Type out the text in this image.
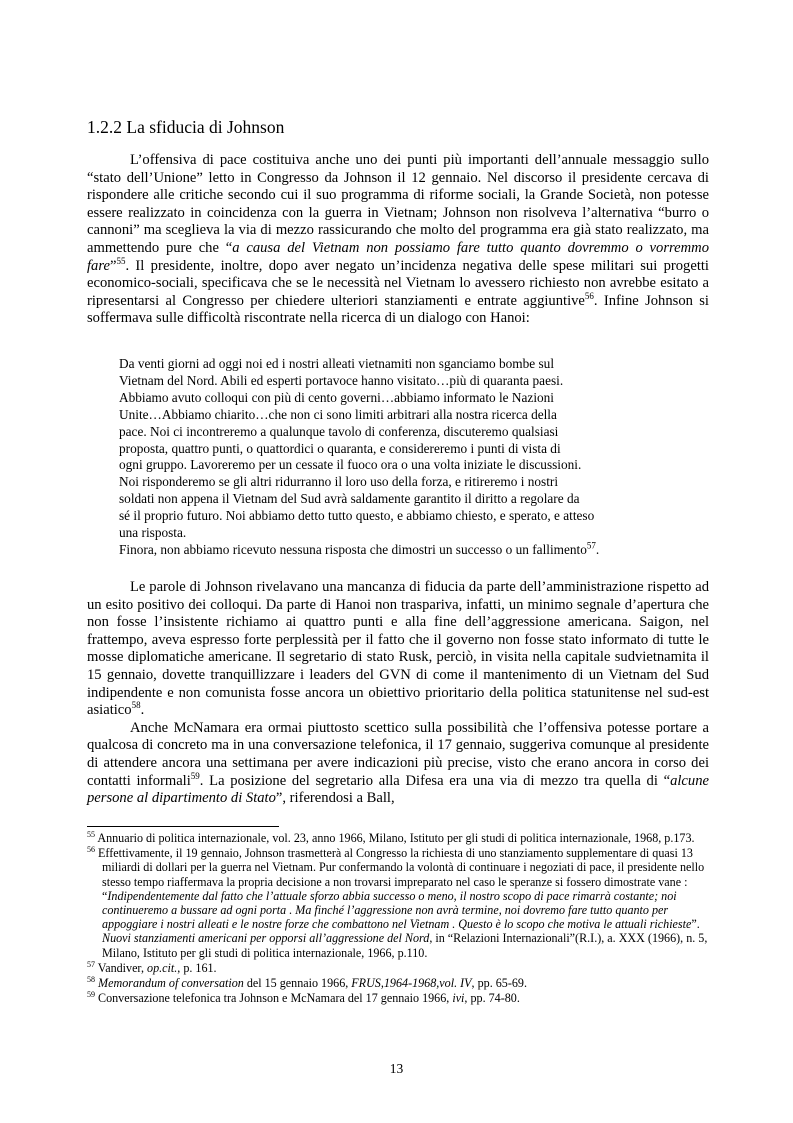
1.2.2 La sfiducia di Johnson

L’offensiva di pace costituiva anche uno dei punti più importanti dell’annuale messaggio sullo “stato dell’Unione” letto in Congresso da Johnson il 12 gennaio. Nel discorso il presidente cercava di rispondere alle critiche secondo cui il suo programma di riforme sociali, la Grande Società, non potesse essere realizzato in coincidenza con la guerra in Vietnam; Johnson non risolveva l’alternativa “burro o cannoni” ma sceglieva la via di mezzo rassicurando che molto del programma era già stato realizzato, ma ammettendo pure che “a causa del Vietnam non possiamo fare tutto quanto dovremmo o vorremmo fare”$^{55}$. Il presidente, inoltre, dopo aver negato un’incidenza negativa delle spese militari sui progetti economico-sociali, specificava che se le necessità nel Vietnam lo avessero richiesto non avrebbe esitato a ripresentarsi al Congresso per chiedere ulteriori stanziamenti e entrate aggiuntive$^{56}$. Infine Johnson si soffermava sulle difficoltà riscontrate nella ricerca di un dialogo con Hanoi:

Da venti giorni ad oggi noi ed i nostri alleati vietnamiti non sganciamo bombe sul
Vietnam del Nord. Abili ed esperti portavoce hanno visitato…più di quaranta paesi.
Abbiamo avuto colloqui con più di cento governi…abbiamo informato le Nazioni
Unite…Abbiamo chiarito…che non ci sono limiti arbitrari alla nostra ricerca della
pace. Noi ci incontreremo a qualunque tavolo di conferenza, discuteremo qualsiasi
proposta, quattro punti, o quattordici o quaranta, e considereremo i punti di vista di
ogni gruppo. Lavoreremo per un cessate il fuoco ora o una volta iniziate le discussioni.
Noi risponderemo se gli altri ridurranno il loro uso della forza, e ritireremo i nostri
soldati non appena il Vietnam del Sud avrà saldamente garantito il diritto a regolare da
sé il proprio futuro. Noi abbiamo detto tutto questo, e abbiamo chiesto, e sperato, e atteso
una risposta.
Finora, non abbiamo ricevuto nessuna risposta che dimostri un successo o un fallimento$^{57}$.

Le parole di Johnson rivelavano una mancanza di fiducia da parte dell’amministrazione rispetto ad un esito positivo dei colloqui. Da parte di Hanoi non traspariva, infatti, un minimo segnale d’apertura che non fosse l’insistente richiamo ai quattro punti e alla fine dell’aggressione americana. Saigon, nel frattempo, aveva espresso forte perplessità per il fatto che il governo non fosse stato informato di tutte le mosse diplomatiche americane. Il segretario di stato Rusk, perciò, in visita nella capitale sudvietnamita il 15 gennaio, dovette tranquillizzare i leaders del GVN di come il mantenimento di un Vietnam del Sud indipendente e non comunista fosse ancora un obiettivo prioritario della politica statunitense nel sud-est asiatico$^{58}$.

Anche McNamara era ormai piuttosto scettico sulla possibilità che l’offensiva potesse portare a qualcosa di concreto ma in una conversazione telefonica, il 17 gennaio, suggeriva comunque al presidente di attendere ancora una settimana per avere indicazioni più precise, visto che erano ancora in corso dei contatti informali$^{59}$. La posizione del segretario alla Difesa era una via di mezzo tra quella di “alcune persone al dipartimento di Stato”, riferendosi a Ball,

$^{55}$ Annuario di politica internazionale, vol. 23, anno 1966, Milano, Istituto per gli studi di politica internazionale, 1968, p.173.

$^{56}$ Effettivamente, il 19 gennaio, Johnson trasmetterà al Congresso la richiesta di uno stanziamento supplementare di quasi 13 miliardi di dollari per la guerra nel Vietnam. Pur confermando la volontà di continuare i negoziati di pace, il presidente nello stesso tempo riaffermava la propria decisione a non trovarsi impreparato nel caso le speranze si fossero dimostrate vane : “Indipendentemente dal fatto che l’attuale sforzo abbia successo o meno, il nostro scopo di pace rimarrà costante; noi continueremo a bussare ad ogni porta . Ma finché l’aggressione non avrà termine, noi dovremo fare tutto quanto per appoggiare i nostri alleati e le nostre forze che combattono nel Vietnam . Questo è lo scopo che motiva le attuali richieste”. Nuovi stanziamenti americani per opporsi all’aggressione del Nord, in “Relazioni Internazionali”(R.I.), a. XXX (1966), n. 5, Milano, Istituto per gli studi di politica internazionale, 1966, p.110.

$^{57}$ Vandiver, op.cit., p. 161.

$^{58}$ Memorandum of conversation del 15 gennaio 1966, FRUS,1964-1968,vol. IV, pp. 65-69.

$^{59}$ Conversazione telefonica tra Johnson e McNamara del 17 gennaio 1966, ivi, pp. 74-80.

13
